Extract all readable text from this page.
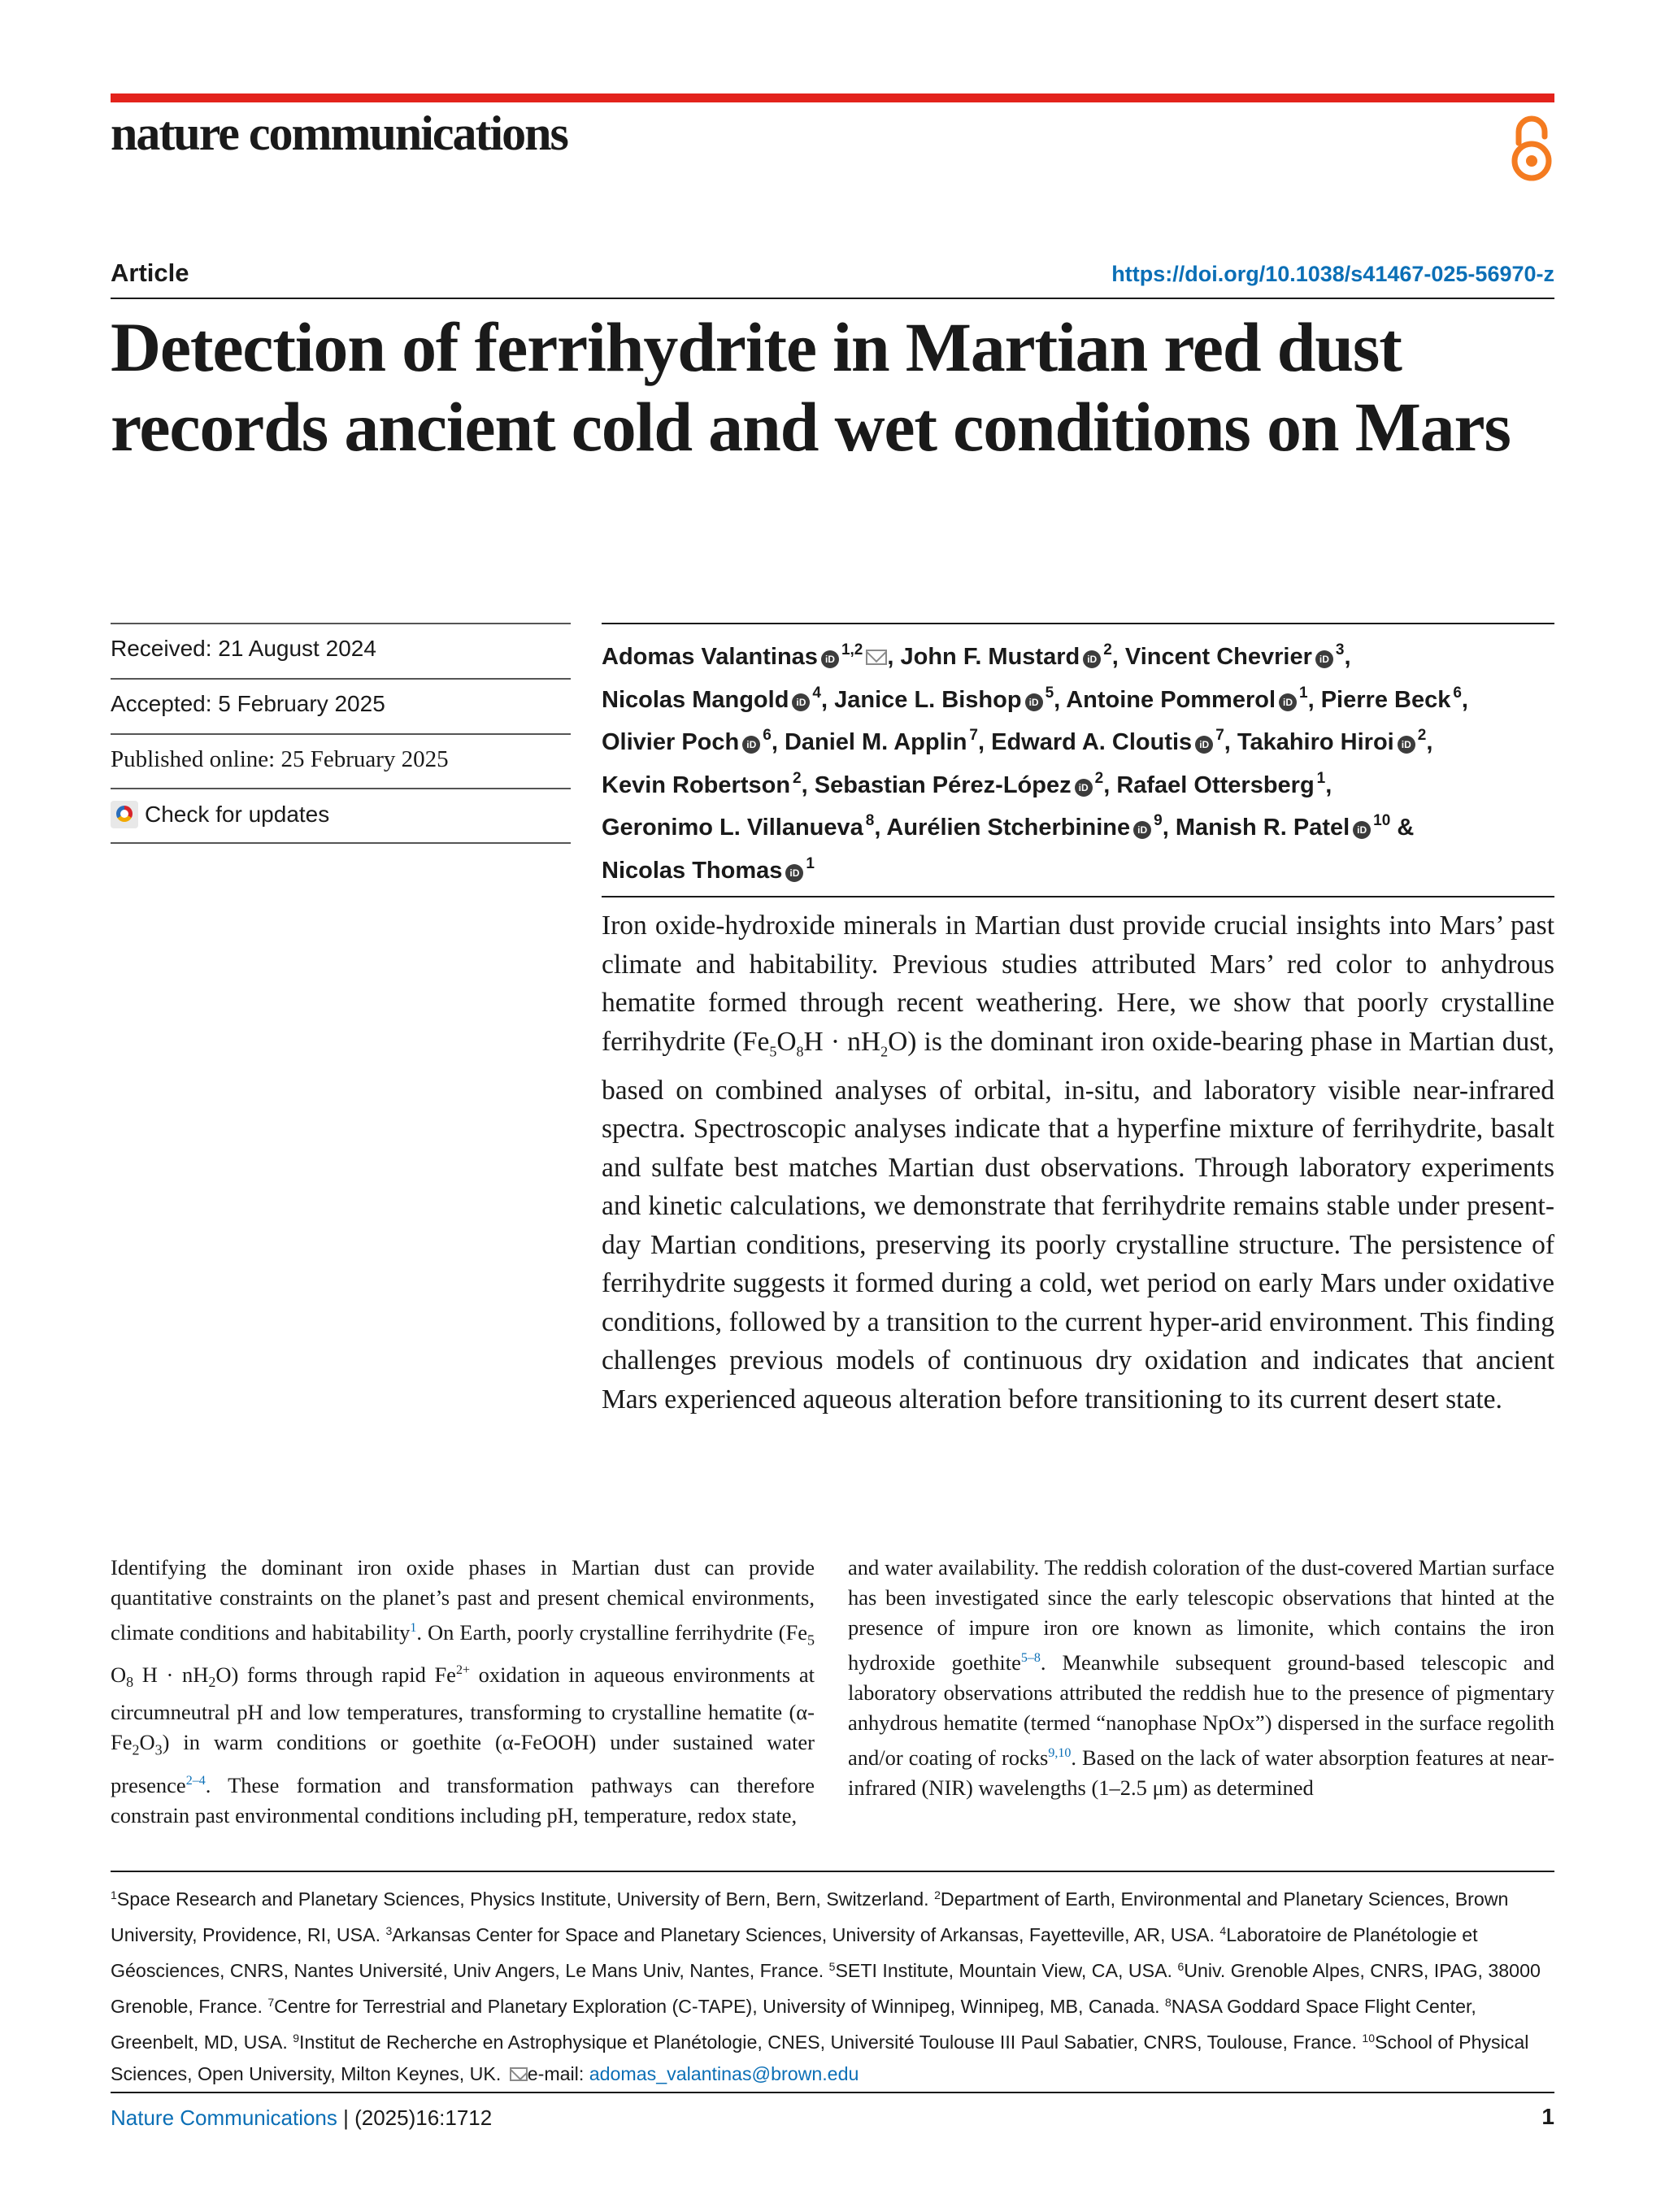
nature communications
Article	https://doi.org/10.1038/s41467-025-56970-z
Detection of ferrihydrite in Martian red dust records ancient cold and wet conditions on Mars
Received: 21 August 2024
Accepted: 5 February 2025
Published online: 25 February 2025
Check for updates
Adomas Valantinas iD$^{1,2}$ , John F. Mustard iD$^2$, Vincent Chevrier iD$^3$, Nicolas Mangold iD$^4$, Janice L. Bishop iD$^5$, Antoine Pommerol iD$^1$, Pierre Beck $^6$, Olivier Poch iD$^6$, Daniel M. Applin $^7$, Edward A. Cloutis iD$^7$, Takahiro Hiroi iD$^2$, Kevin Robertson $^2$, Sebastian Pérez-López iD$^2$, Rafael Ottersberg $^1$, Geronimo L. Villanueva $^8$, Aurélien Stcherbinine iD$^9$, Manish R. Patel iD$^{10}$ & Nicolas Thomas iD$^1$

Iron oxide-hydroxide minerals in Martian dust provide crucial insights into Mars’ past climate and habitability. Previous studies attributed Mars’ red color to anhydrous hematite formed through recent weathering. Here, we show that poorly crystalline ferrihydrite $(Fe_5O_8H \cdot nH_2O)$ is the dominant iron oxide-bearing phase in Martian dust, based on combined analyses of orbital, in-situ, and laboratory visible near-infrared spectra. Spectroscopic analyses indicate that a hyperfine mixture of ferrihydrite, basalt and sulfate best matches Martian dust observations. Through laboratory experiments and kinetic calculations, we demonstrate that ferrihydrite remains stable under present-day Martian conditions, preserving its poorly crystalline structure. The persistence of ferrihydrite suggests it formed during a cold, wet period on early Mars under oxidative conditions, followed by a transition to the current hyper-arid environment. This finding challenges previous models of continuous dry oxidation and indicates that ancient Mars experienced aqueous alteration before transitioning to its current desert state.

Identifying the dominant iron oxide phases in Martian dust can provide quantitative constraints on the planet’s past and present chemical environments, climate conditions and habitability$^1$. On Earth, poorly crystalline ferrihydrite ($Fe_5$ $O_8$ $H \cdot nH_2O$) forms through rapid $Fe^{2+}$ oxidation in aqueous environments at circumneutral pH and low temperatures, transforming to crystalline hematite $(\alpha-Fe_2O_3)$ in warm conditions or goethite (α-FeOOH) under sustained water presence$^{2-4}$. These formation and transformation pathways can therefore constrain past environmental conditions including pH, temperature, redox state,

and water availability. The reddish coloration of the dust-covered Martian surface has been investigated since the early telescopic observations that hinted at the presence of impure iron ore known as limonite, which contains the iron hydroxide goethite$^{5-8}$. Meanwhile subsequent ground-based telescopic and laboratory observations attributed the reddish hue to the presence of pigmentary anhydrous hematite (termed “nanophase NpOx”) dispersed in the surface regolith and/or coating of rocks$^{9,10}$. Based on the lack of water absorption features at near-infrared (NIR) wavelengths (1–2.5 μm) as determined

$^1$Space Research and Planetary Sciences, Physics Institute, University of Bern, Bern, Switzerland. $^2$Department of Earth, Environmental and Planetary Sciences, Brown University, Providence, RI, USA. $^3$Arkansas Center for Space and Planetary Sciences, University of Arkansas, Fayetteville, AR, USA. $^4$Laboratoire de Planétologie et Géosciences, CNRS, Nantes Université, Univ Angers, Le Mans Univ, Nantes, France. $^5$SETI Institute, Mountain View, CA, USA. $^6$Univ. Grenoble Alpes, CNRS, IPAG, 38000 Grenoble, France. $^7$Centre for Terrestrial and Planetary Exploration (C-TAPE), University of Winnipeg, Winnipeg, MB, Canada. $^8$NASA Goddard Space Flight Center, Greenbelt, MD, USA. $^9$Institut de Recherche en Astrophysique et Planétologie, CNES, Université Toulouse III Paul Sabatier, CNRS, Toulouse, France. $^{10}$School of Physical Sciences, Open University, Milton Keynes, UK. e-mail: adomas_valantinas@brown.edu

Nature Communications | (2025)16:1712	1
